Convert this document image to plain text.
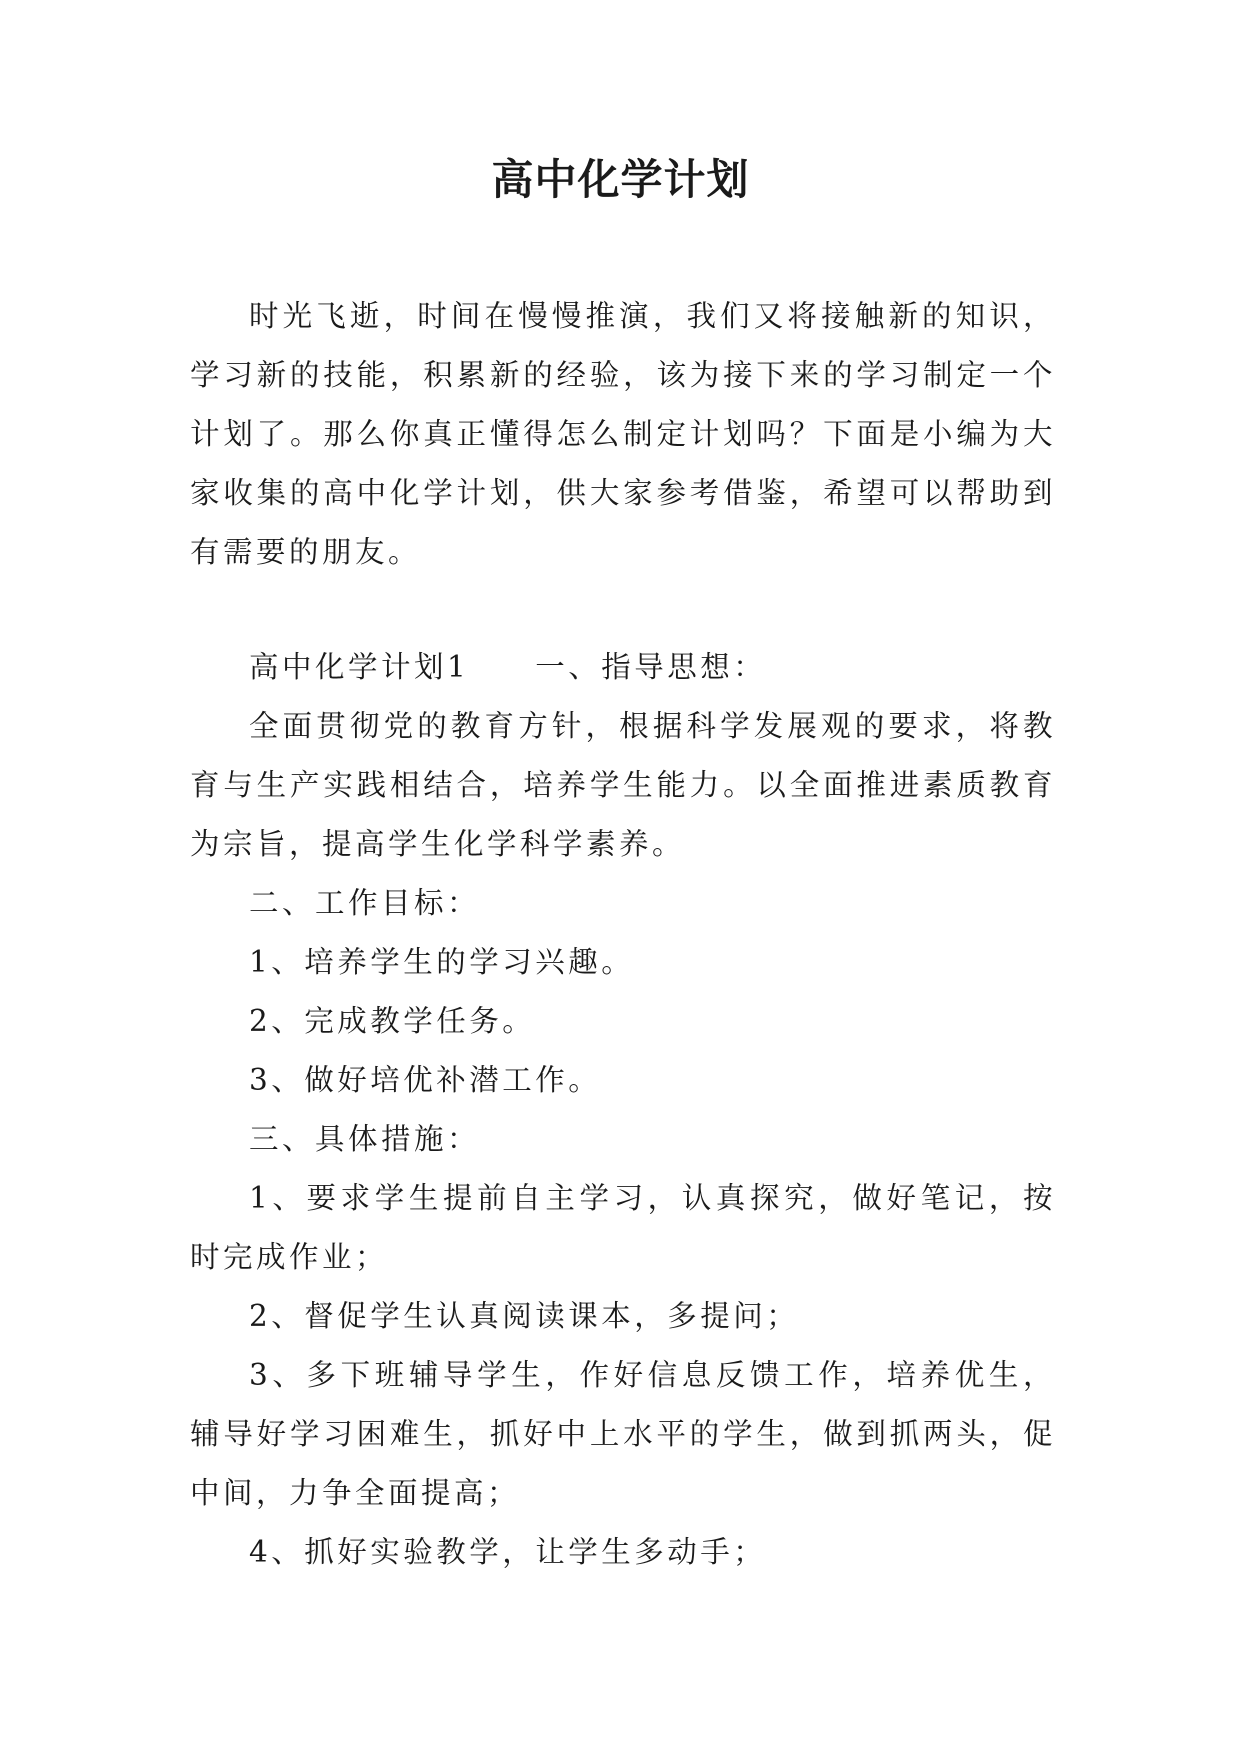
高中化学计划

时光飞逝，时间在慢慢推演，我们又将接触新的知识，学习新的技能，积累新的经验，该为接下来的学习制定一个计划了。那么你真正懂得怎么制定计划吗？下面是小编为大家收集的高中化学计划，供大家参考借鉴，希望可以帮助到有需要的朋友。

高中化学计划1　　一、指导思想：

全面贯彻党的教育方针，根据科学发展观的要求，将教育与生产实践相结合，培养学生能力。以全面推进素质教育为宗旨，提高学生化学科学素养。

二、工作目标：

1、培养学生的学习兴趣。

2、完成教学任务。

3、做好培优补潜工作。

三、具体措施：

1、要求学生提前自主学习，认真探究，做好笔记，按时完成作业；

2、督促学生认真阅读课本，多提问；

3、多下班辅导学生，作好信息反馈工作，培养优生，辅导好学习困难生，抓好中上水平的学生，做到抓两头，促中间，力争全面提高；

4、抓好实验教学，让学生多动手；
